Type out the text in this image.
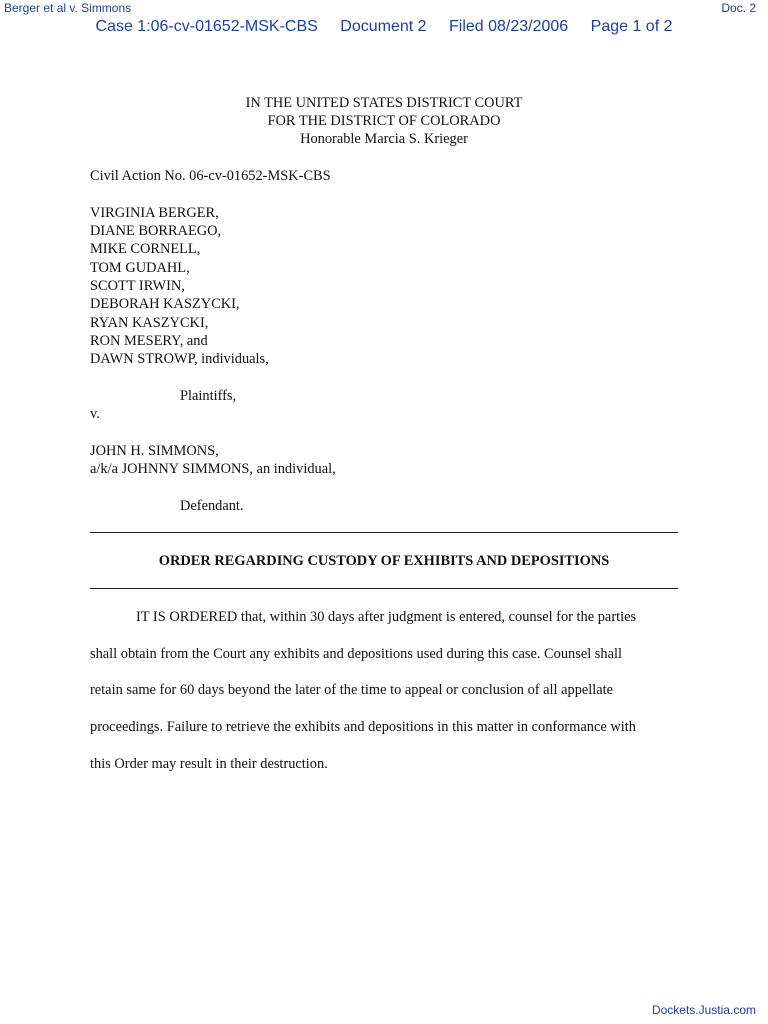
Berger et al v. Simmons	Doc. 2
Case 1:06-cv-01652-MSK-CBS Document 2 Filed 08/23/2006 Page 1 of 2
IN THE UNITED STATES DISTRICT COURT
FOR THE DISTRICT OF COLORADO
Honorable Marcia S. Krieger
Civil Action No. 06-cv-01652-MSK-CBS
VIRGINIA BERGER,
DIANE BORRAEGO,
MIKE CORNELL,
TOM GUDAHL,
SCOTT IRWIN,
DEBORAH KASZYCKI,
RYAN KASZYCKI,
RON MESERY, and
DAWN STROWP, individuals,
Plaintiffs,
v.
JOHN H. SIMMONS,
a/k/a JOHNNY SIMMONS, an individual,
Defendant.
ORDER REGARDING CUSTODY OF EXHIBITS AND DEPOSITIONS
IT IS ORDERED that, within 30 days after judgment is entered, counsel for the parties
shall obtain from the Court any exhibits and depositions used during this case. Counsel shall
retain same for 60 days beyond the later of the time to appeal or conclusion of all appellate
proceedings. Failure to retrieve the exhibits and depositions in this matter in conformance with
this Order may result in their destruction.
Dockets.Justia.com
